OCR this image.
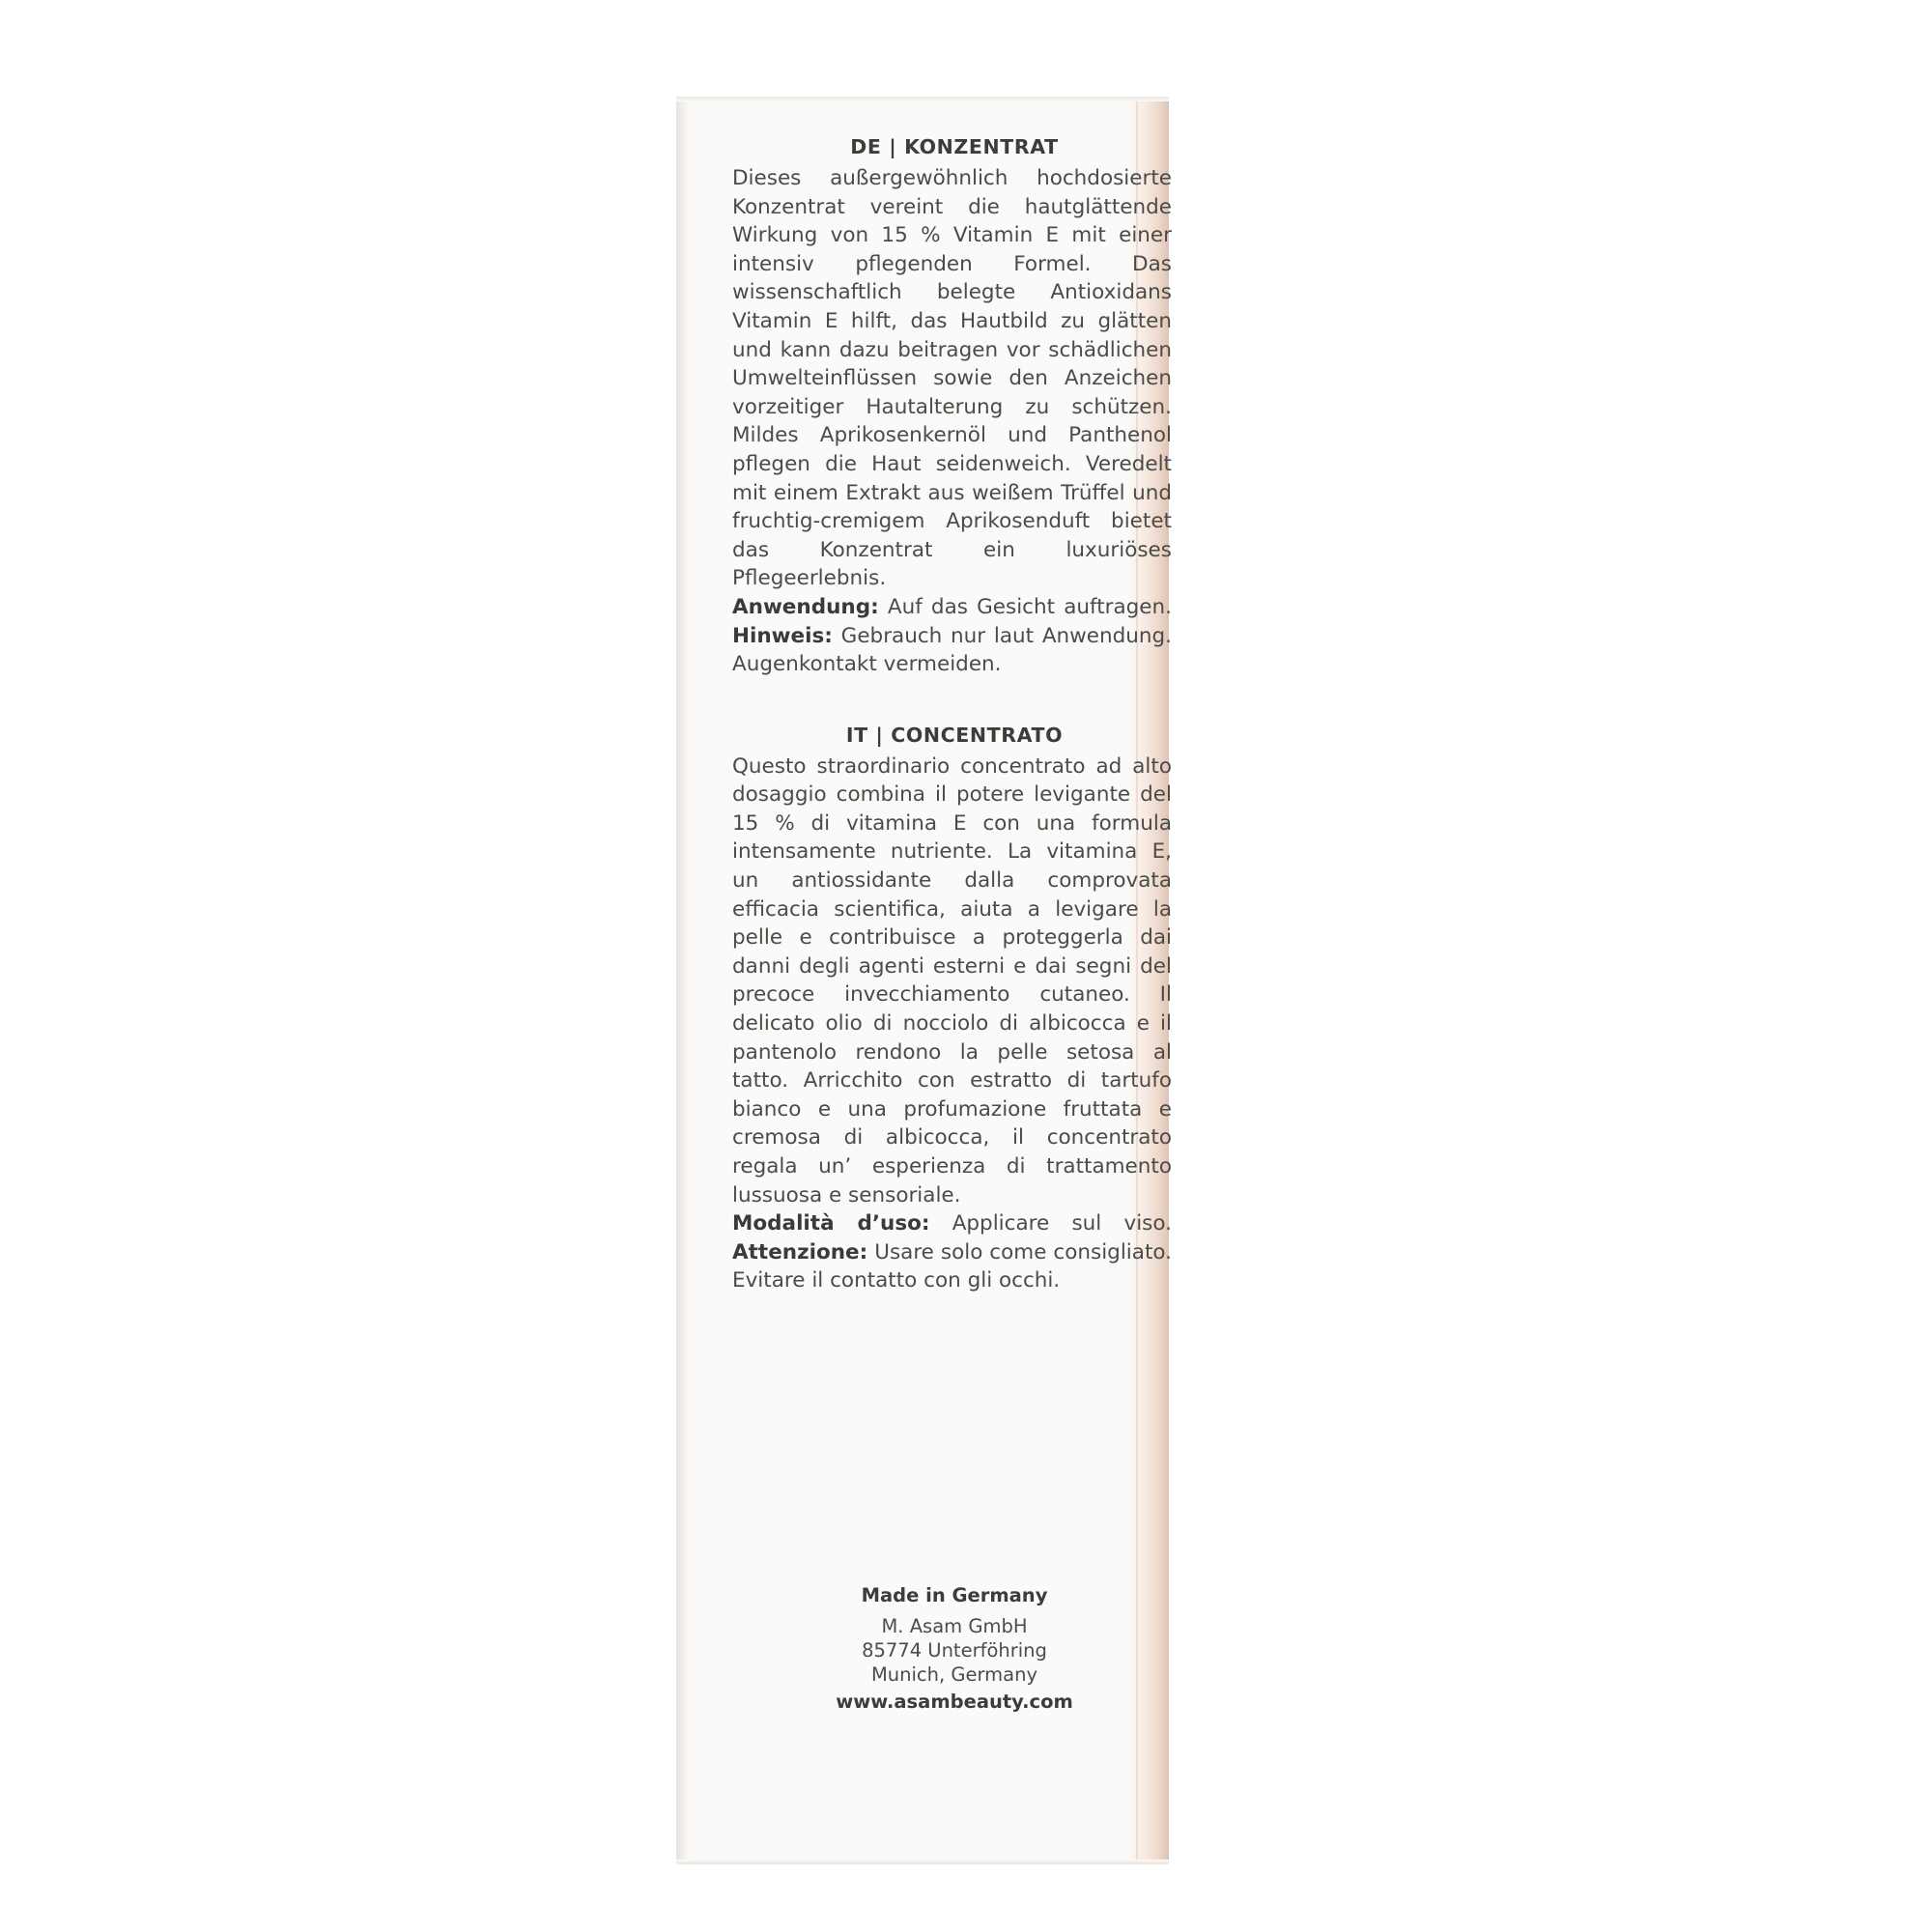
DE | KONZENTRAT

Dieses außergewöhnlich hochdosierte Konzentrat vereint die hautglättende Wirkung von 15 % Vitamin E mit einer intensiv pflegenden Formel. Das wissenschaftlich belegte Antioxidans Vitamin E hilft, das Hautbild zu glätten und kann dazu beitragen vor schädlichen Umwelteinflüssen sowie den Anzeichen vorzeitiger Hautalterung zu schützen. Mildes Aprikosenkernöl und Panthenol pflegen die Haut seidenweich. Veredelt mit einem Extrakt aus weißem Trüffel und fruchtig-cremigem Aprikosenduft bietet das Konzentrat ein luxuriöses Pflegeerlebnis.

Anwendung: Auf das Gesicht auftragen. Hinweis: Gebrauch nur laut Anwendung. Augenkontakt vermeiden.

IT | CONCENTRATO

Questo straordinario concentrato ad alto dosaggio combina il potere levigante del 15 % di vitamina E con una formula intensamente nutriente. La vitamina E, un antiossidante dalla comprovata efficacia scientifica, aiuta a levigare la pelle e contribuisce a proteggerla dai danni degli agenti esterni e dai segni del precoce invecchiamento cutaneo. Il delicato olio di nocciolo di albicocca e il pantenolo rendono la pelle setosa al tatto. Arricchito con estratto di tartufo bianco e una profumazione fruttata e cremosa di albicocca, il concentrato regala un’ esperienza di trattamento lussuosa e sensoriale.

Modalità d’uso: Applicare sul viso. Attenzione: Usare solo come consigliato. Evitare il contatto con gli occhi.

Made in Germany
M. Asam GmbH
85774 Unterföhring
Munich, Germany
www.asambeauty.com
